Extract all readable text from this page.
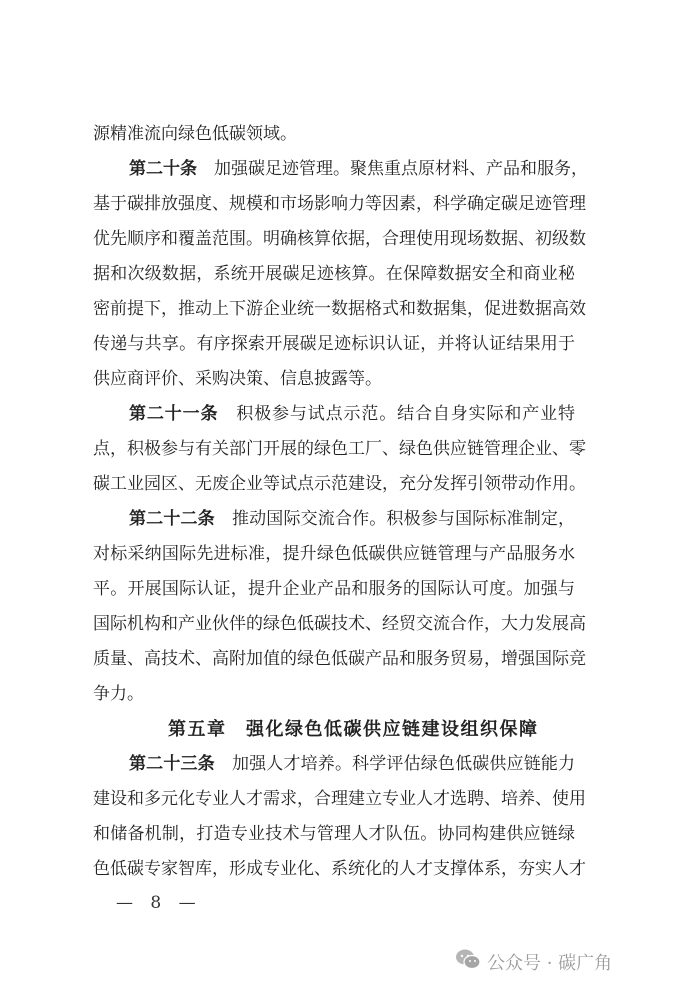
源精准流向绿色低碳领域。
第二十条　 加强碳足迹管理。聚焦重点原材料、产品和服务，
基于碳排放强度、规模和市场影响力等因素，科学确定碳足迹管理
优先顺序和覆盖范围。明确核算依据，合理使用现场数据、初级数
据和次级数据，系统开展碳足迹核算。在保障数据安全和商业秘
密前提下，推动上下游企业统一数据格式和数据集，促进数据高效
传递与共享。有序探索开展碳足迹标识认证，并将认证结果用于
供应商评价、采购决策、信息披露等。
第二十一条　 积极参与试点示范。结合自身实际和产业特
点，积极参与有关部门开展的绿色工厂、绿色供应链管理企业、零
碳工业园区、无废企业等试点示范建设，充分发挥引领带动作用。
第二十二条　 推动国际交流合作。积极参与国际标准制定，
对标采纳国际先进标准，提升绿色低碳供应链管理与产品服务水
平。开展国际认证，提升企业产品和服务的国际认可度。加强与
国际机构和产业伙伴的绿色低碳技术、经贸交流合作，大力发展高
质量、高技术、高附加值的绿色低碳产品和服务贸易，增强国际竞
争力。
第五章　强化绿色低碳供应链建设组织保障
第二十三条　 加强人才培养。科学评估绿色低碳供应链能力
建设和多元化专业人才需求，合理建立专业人才选聘、培养、使用
和储备机制，打造专业技术与管理人才队伍。协同构建供应链绿
色低碳专家智库，形成专业化、系统化的人才支撑体系，夯实人才
— 8 —
公众号 · 碳广角
